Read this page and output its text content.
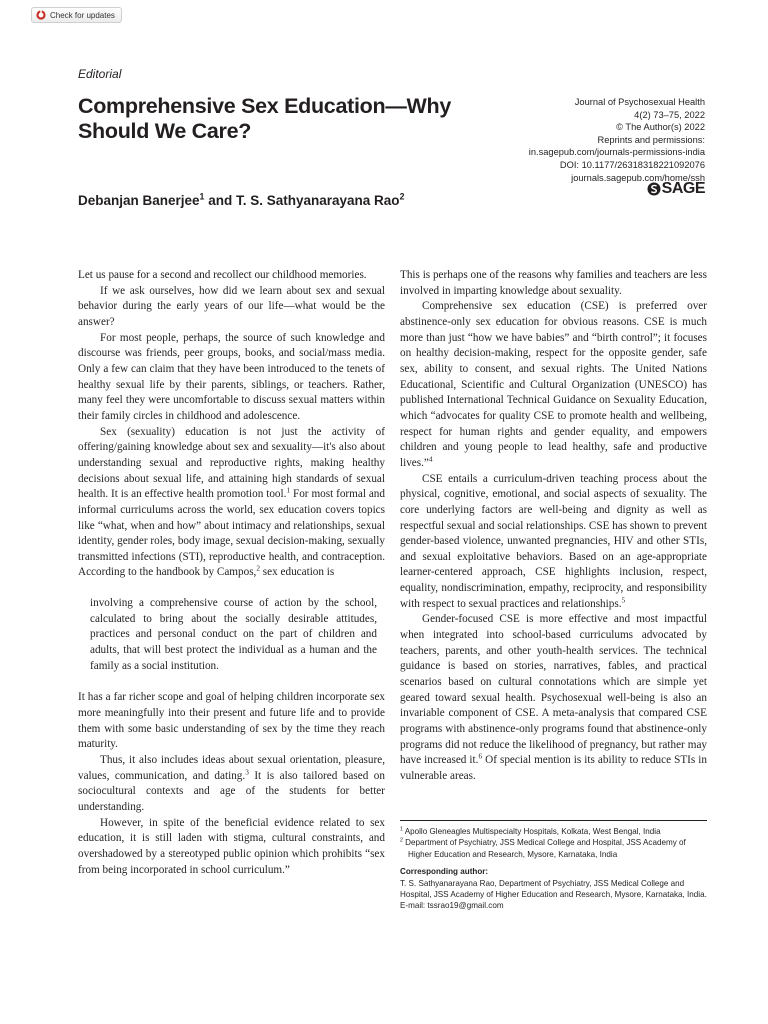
Check for updates
Editorial
Comprehensive Sex Education—Why Should We Care?
Journal of Psychosexual Health
4(2) 73–75, 2022
© The Author(s) 2022
Reprints and permissions:
in.sagepub.com/journals-permissions-india
DOI: 10.1177/26318318221092076
journals.sagepub.com/home/ssh
SAGE
Debanjan Banerjee$^1$ and T. S. Sathyanarayana Rao$^2$

Let us pause for a second and recollect our childhood memories.

If we ask ourselves, how did we learn about sex and sexual behavior during the early years of our life—what would be the answer?

For most people, perhaps, the source of such knowledge and discourse was friends, peer groups, books, and social/mass media. Only a few can claim that they have been introduced to the tenets of healthy sexual life by their parents, siblings, or teachers. Rather, many feel they were uncomfortable to discuss sexual matters within their family circles in childhood and adolescence.

Sex (sexuality) education is not just the activity of offering/gaining knowledge about sex and sexuality—it's also about understanding sexual and reproductive rights, making healthy decisions about sexual life, and attaining high standards of sexual health. It is an effective health promotion tool.$^1$ For most formal and informal curriculums across the world, sex education covers topics like “what, when and how” about intimacy and relationships, sexual identity, gender roles, body image, sexual decision-making, sexually transmitted infections (STI), reproductive health, and contraception. According to the handbook by Campos,$^2$ sex education is

involving a comprehensive course of action by the school, calculated to bring about the socially desirable attitudes, practices and personal conduct on the part of children and adults, that will best protect the individual as a human and the family as a social institution.

It has a far richer scope and goal of helping children incorporate sex more meaningfully into their present and future life and to provide them with some basic understanding of sex by the time they reach maturity.

Thus, it also includes ideas about sexual orientation, pleasure, values, communication, and dating.$^3$ It is also tailored based on sociocultural contexts and age of the students for better understanding.

However, in spite of the beneficial evidence related to sex education, it is still laden with stigma, cultural constraints, and overshadowed by a stereotyped public opinion which prohibits “sex from being incorporated in school curriculum.”

This is perhaps one of the reasons why families and teachers are less involved in imparting knowledge about sexuality.

Comprehensive sex education (CSE) is preferred over abstinence-only sex education for obvious reasons. CSE is much more than just “how we have babies” and “birth control”; it focuses on healthy decision-making, respect for the opposite gender, safe sex, ability to consent, and sexual rights. The United Nations Educational, Scientific and Cultural Organization (UNESCO) has published International Technical Guidance on Sexuality Education, which “advocates for quality CSE to promote health and wellbeing, respect for human rights and gender equality, and empowers children and young people to lead healthy, safe and productive lives.”$^4$

CSE entails a curriculum-driven teaching process about the physical, cognitive, emotional, and social aspects of sexuality. The core underlying factors are well-being and dignity as well as respectful sexual and social relationships. CSE has shown to prevent gender-based violence, unwanted pregnancies, HIV and other STIs, and sexual exploitative behaviors. Based on an age-appropriate learner-centered approach, CSE highlights inclusion, respect, equality, nondiscrimination, empathy, reciprocity, and responsibility with respect to sexual practices and relationships.$^5$

Gender-focused CSE is more effective and most impactful when integrated into school-based curriculums advocated by teachers, parents, and other youth-health services. The technical guidance is based on stories, narratives, fables, and practical scenarios based on cultural connotations which are simple yet geared toward sexual health. Psychosexual well-being is also an invariable component of CSE. A meta-analysis that compared CSE programs with abstinence-only programs found that abstinence-only programs did not reduce the likelihood of pregnancy, but rather may have increased it.$^6$ Of special mention is its ability to reduce STIs in vulnerable areas.

$^1$ Apollo Gleneagles Multispecialty Hospitals, Kolkata, West Bengal, India

$^2$ Department of Psychiatry, JSS Medical College and Hospital, JSS Academy of Higher Education and Research, Mysore, Karnataka, India

Corresponding author:

T. S. Sathyanarayana Rao, Department of Psychiatry, JSS Medical College and Hospital, JSS Academy of Higher Education and Research, Mysore, Karnataka, India.

E-mail: tssrao19@gmail.com
